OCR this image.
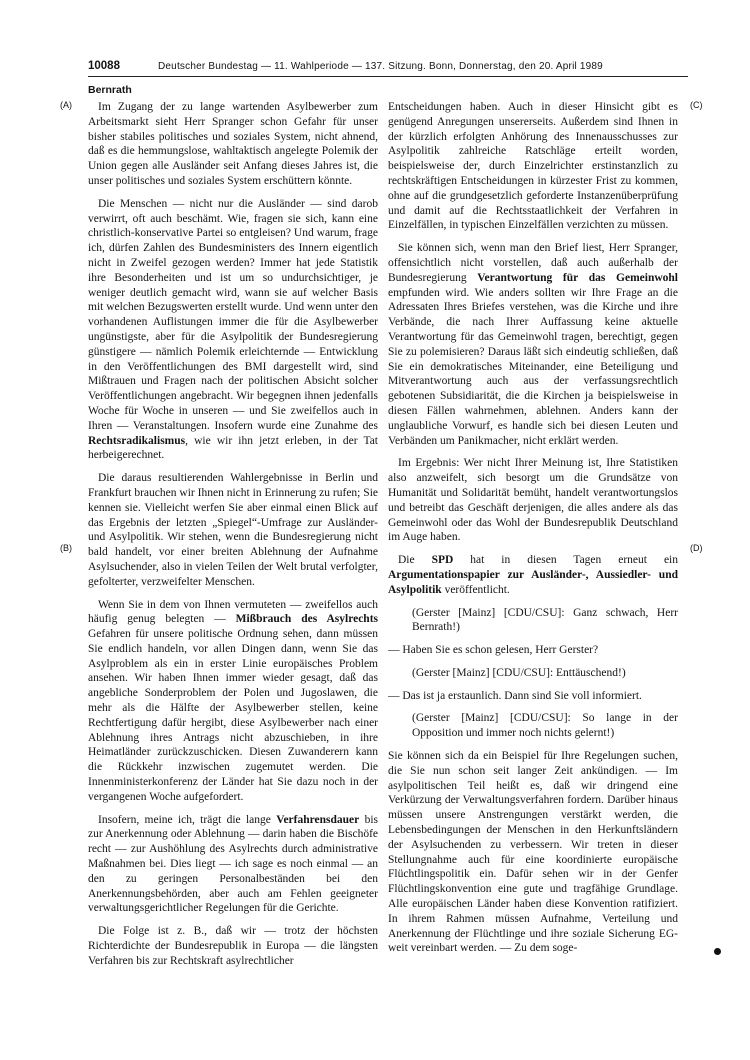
10088	Deutscher Bundestag — 11. Wahlperiode — 137. Sitzung. Bonn, Donnerstag, den 20. April 1989
Bernrath
(A)
(B)
(C)
(D)

Im Zugang der zu lange wartenden Asylbewerber zum Arbeitsmarkt sieht Herr Spranger schon Gefahr für unser bisher stabiles politisches und soziales System, nicht ahnend, daß es die hemmungslose, wahltaktisch angelegte Polemik der Union gegen alle Ausländer seit Anfang dieses Jahres ist, die unser politisches und soziales System erschüttern könnte.

Die Menschen — nicht nur die Ausländer — sind darob verwirrt, oft auch beschämt. Wie, fragen sie sich, kann eine christlich-konservative Partei so entgleisen? Und warum, frage ich, dürfen Zahlen des Bundesministers des Innern eigentlich nicht in Zweifel gezogen werden? Immer hat jede Statistik ihre Besonderheiten und ist um so undurchsichtiger, je weniger deutlich gemacht wird, wann sie auf welcher Basis mit welchen Bezugswerten erstellt wurde. Und wenn unter den vorhandenen Auflistungen immer die für die Asylbewerber ungünstigste, aber für die Asylpolitik der Bundesregierung günstigere — nämlich Polemik erleichternde — Entwicklung in den Veröffentlichungen des BMI dargestellt wird, sind Mißtrauen und Fragen nach der politischen Absicht solcher Veröffentlichungen angebracht. Wir begegnen ihnen jedenfalls Woche für Woche in unseren — und Sie zweifellos auch in Ihren — Veranstaltungen. Insofern wurde eine Zunahme des Rechtsradikalismus, wie wir ihn jetzt erleben, in der Tat herbeigerechnet.

Die daraus resultierenden Wahlergebnisse in Berlin und Frankfurt brauchen wir Ihnen nicht in Erinnerung zu rufen; Sie kennen sie. Vielleicht werfen Sie aber einmal einen Blick auf das Ergebnis der letzten „Spiegel“-Umfrage zur Ausländer- und Asylpolitik. Wir stehen, wenn die Bundesregierung nicht bald handelt, vor einer breiten Ablehnung der Aufnahme Asylsuchender, also in vielen Teilen der Welt brutal verfolgter, gefolterter, verzweifelter Menschen.

Wenn Sie in dem von Ihnen vermuteten — zweifellos auch häufig genug belegten — Mißbrauch des Asylrechts Gefahren für unsere politische Ordnung sehen, dann müssen Sie endlich handeln, vor allen Dingen dann, wenn Sie das Asylproblem als ein in erster Linie europäisches Problem ansehen. Wir haben Ihnen immer wieder gesagt, daß das angebliche Sonderproblem der Polen und Jugoslawen, die mehr als die Hälfte der Asylbewerber stellen, keine Rechtfertigung dafür hergibt, diese Asylbewerber nach einer Ablehnung ihres Antrags nicht abzuschieben, in ihre Heimatländer zurückzuschicken. Diesen Zuwanderern kann die Rückkehr inzwischen zugemutet werden. Die Innenministerkonferenz der Länder hat Sie dazu noch in der vergangenen Woche aufgefordert.

Insofern, meine ich, trägt die lange Verfahrensdauer bis zur Anerkennung oder Ablehnung — darin haben die Bischöfe recht — zur Aushöhlung des Asylrechts durch administrative Maßnahmen bei. Dies liegt — ich sage es noch einmal — an den zu geringen Personalbeständen bei den Anerkennungsbehörden, aber auch am Fehlen geeigneter verwaltungsgerichtlicher Regelungen für die Gerichte.

Die Folge ist z. B., daß wir — trotz der höchsten Richterdichte der Bundesrepublik in Europa — die längsten Verfahren bis zur Rechtskraft asylrechtlicher

Entscheidungen haben. Auch in dieser Hinsicht gibt es genügend Anregungen unsererseits. Außerdem sind Ihnen in der kürzlich erfolgten Anhörung des Innenausschusses zur Asylpolitik zahlreiche Ratschläge erteilt worden, beispielsweise der, durch Einzelrichter erstinstanzlich zu rechtskräftigen Entscheidungen in kürzester Frist zu kommen, ohne auf die grundgesetzlich geforderte Instanzenüberprüfung und damit auf die Rechtsstaatlichkeit der Verfahren in Einzelfällen, in typischen Einzelfällen verzichten zu müssen.

Sie können sich, wenn man den Brief liest, Herr Spranger, offensichtlich nicht vorstellen, daß auch außerhalb der Bundesregierung Verantwortung für das Gemeinwohl empfunden wird. Wie anders sollten wir Ihre Frage an die Adressaten Ihres Briefes verstehen, was die Kirche und ihre Verbände, die nach Ihrer Auffassung keine aktuelle Verantwortung für das Gemeinwohl tragen, berechtigt, gegen Sie zu polemisieren? Daraus läßt sich eindeutig schließen, daß Sie ein demokratisches Miteinander, eine Beteiligung und Mitverantwortung auch aus der verfassungsrechtlich gebotenen Subsidiarität, die die Kirchen ja beispielsweise in diesen Fällen wahrnehmen, ablehnen. Anders kann der unglaubliche Vorwurf, es handle sich bei diesen Leuten und Verbänden um Panikmacher, nicht erklärt werden.

Im Ergebnis: Wer nicht Ihrer Meinung ist, Ihre Statistiken also anzweifelt, sich besorgt um die Grundsätze von Humanität und Solidarität bemüht, handelt verantwortungslos und betreibt das Geschäft derjenigen, die alles andere als das Gemeinwohl oder das Wohl der Bundesrepublik Deutschland im Auge haben.

Die SPD hat in diesen Tagen erneut ein Argumentationspapier zur Ausländer-, Aussiedler- und Asylpolitik veröffentlicht.

(Gerster [Mainz] [CDU/CSU]: Ganz schwach, Herr Bernrath!)

— Haben Sie es schon gelesen, Herr Gerster?

(Gerster [Mainz] [CDU/CSU]: Enttäuschend!)

— Das ist ja erstaunlich. Dann sind Sie voll informiert.

(Gerster [Mainz] [CDU/CSU]: So lange in der Opposition und immer noch nichts gelernt!)

Sie können sich da ein Beispiel für Ihre Regelungen suchen, die Sie nun schon seit langer Zeit ankündigen. — Im asylpolitischen Teil heißt es, daß wir dringend eine Verkürzung der Verwaltungsverfahren fordern. Darüber hinaus müssen unsere Anstrengungen verstärkt werden, die Lebensbedingungen der Menschen in den Herkunftsländern der Asylsuchenden zu verbessern. Wir treten in dieser Stellungnahme auch für eine koordinierte europäische Flüchtlingspolitik ein. Dafür sehen wir in der Genfer Flüchtlingskonvention eine gute und tragfähige Grundlage. Alle europäischen Länder haben diese Konvention ratifiziert. In ihrem Rahmen müssen Aufnahme, Verteilung und Anerkennung der Flüchtlinge und ihre soziale Sicherung EG-weit vereinbart werden. — Zu dem soge-
